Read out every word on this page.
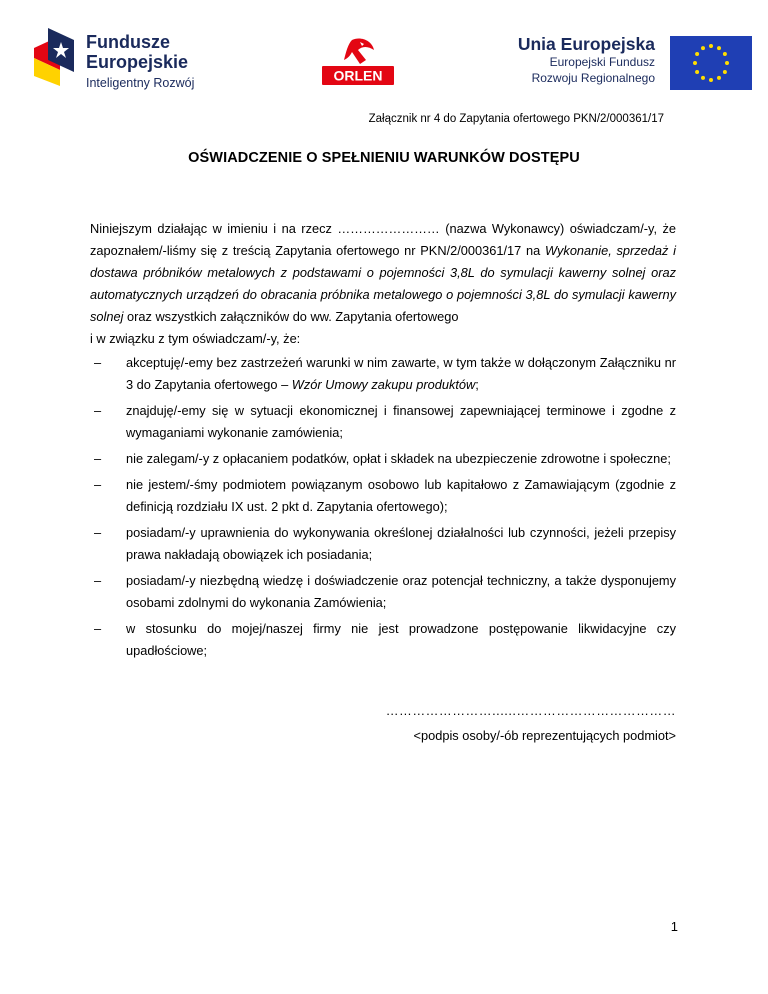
Fundusze
Europejskie
Inteligentny Rozwój	ORLEN
Unia Europejska
Europejski Fundusz
Rozwoju Regionalnego
Załącznik nr 4 do Zapytania ofertowego PKN/2/000361/17
OŚWIADCZENIE O SPEŁNIENIU WARUNKÓW DOSTĘPU

Niniejszym działając w imieniu i na rzecz …………………… (nazwa Wykonawcy) oświadczam/-y, że zapoznałem/-liśmy się z treścią Zapytania ofertowego nr PKN/2/000361/17 na Wykonanie, sprzedaż i dostawa próbników metalowych z podstawami o pojemności 3,8L do symulacji kawerny solnej oraz automatycznych urządzeń do obracania próbnika metalowego o pojemności 3,8L do symulacji kawerny solnej oraz wszystkich załączników do ww. Zapytania ofertowego

i w związku z tym oświadczam/-y, że:

– akceptuję/-emy bez zastrzeżeń warunki w nim zawarte, w tym także w dołączonym Załączniku nr 3 do Zapytania ofertowego – Wzór Umowy zakupu produktów;
– znajduję/-emy się w sytuacji ekonomicznej i finansowej zapewniającej terminowe i zgodne z wymaganiami wykonanie zamówienia;
– nie zalegam/-y z opłacaniem podatków, opłat i składek na ubezpieczenie zdrowotne i społeczne;
– nie jestem/-śmy podmiotem powiązanym osobowo lub kapitałowo z Zamawiającym (zgodnie z definicją rozdziału IX ust. 2 pkt d. Zapytania ofertowego);
– posiadam/-y uprawnienia do wykonywania określonej działalności lub czynności, jeżeli przepisy prawa nakładają obowiązek ich posiadania;
– posiadam/-y niezbędną wiedzę i doświadczenie oraz potencjał techniczny, a także dysponujemy osobami zdolnymi do wykonania Zamówienia;
– w stosunku do mojej/naszej firmy nie jest prowadzone postępowanie likwidacyjne czy upadłościowe;
……………………......………………………………
<podpis osoby/-ób reprezentujących podmiot>
1
